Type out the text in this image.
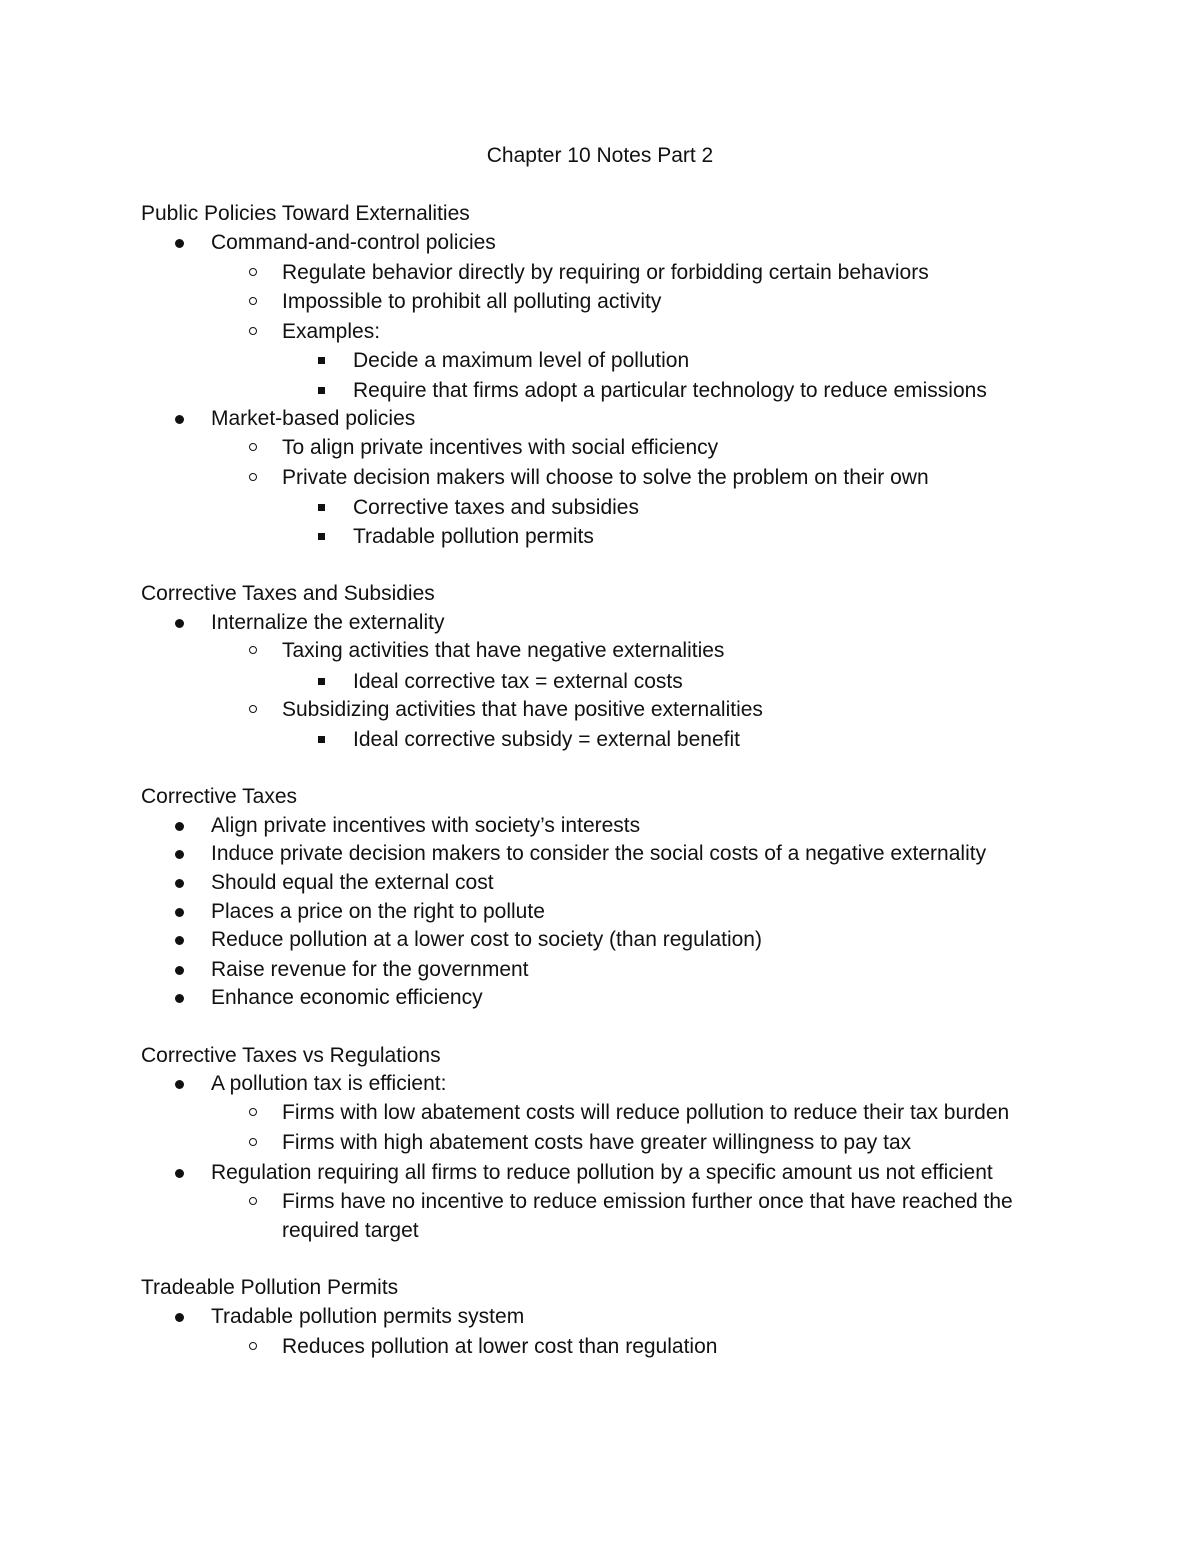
Chapter 10 Notes Part 2
Public Policies Toward Externalities
Command-and-control policies
Regulate behavior directly by requiring or forbidding certain behaviors
Impossible to prohibit all polluting activity
Examples:
Decide a maximum level of pollution
Require that firms adopt a particular technology to reduce emissions
Market-based policies
To align private incentives with social efficiency
Private decision makers will choose to solve the problem on their own
Corrective taxes and subsidies
Tradable pollution permits
Corrective Taxes and Subsidies
Internalize the externality
Taxing activities that have negative externalities
Ideal corrective tax = external costs
Subsidizing activities that have positive externalities
Ideal corrective subsidy = external benefit
Corrective Taxes
Align private incentives with society’s interests
Induce private decision makers to consider the social costs of a negative externality
Should equal the external cost
Places a price on the right to pollute
Reduce pollution at a lower cost to society (than regulation)
Raise revenue for the government
Enhance economic efficiency
Corrective Taxes vs Regulations
A pollution tax is efficient:
Firms with low abatement costs will reduce pollution to reduce their tax burden
Firms with high abatement costs have greater willingness to pay tax
Regulation requiring all firms to reduce pollution by a specific amount us not efficient
Firms have no incentive to reduce emission further once that have reached the
required target
Tradeable Pollution Permits
Tradable pollution permits system
Reduces pollution at lower cost than regulation
